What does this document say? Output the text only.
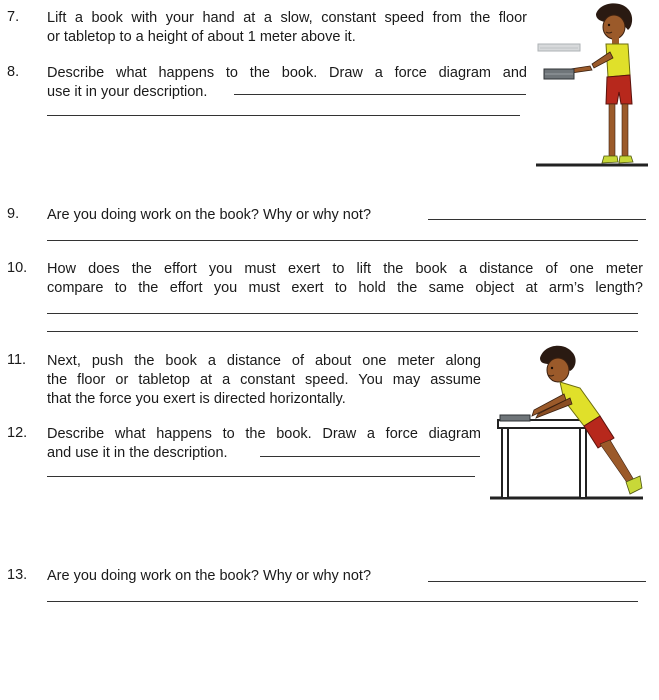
7. Lift a book with your hand at a slow, constant speed from the floor
or tabletop to a height of about 1 meter above it.
8. Describe what happens to the book. Draw a force diagram and
use it in your description.
9. Are you doing work on the book? Why or why not?
10. How does the effort you must exert to lift the book a distance of one meter
compare to the effort you must exert to hold the same object at arm’s length?
11. Next, push the book a distance of about one meter along
the floor or tabletop at a constant speed. You may assume
that the force you exert is directed horizontally.
12. Describe what happens to the book. Draw a force diagram
and use it in the description.
13. Are you doing work on the book? Why or why not?
